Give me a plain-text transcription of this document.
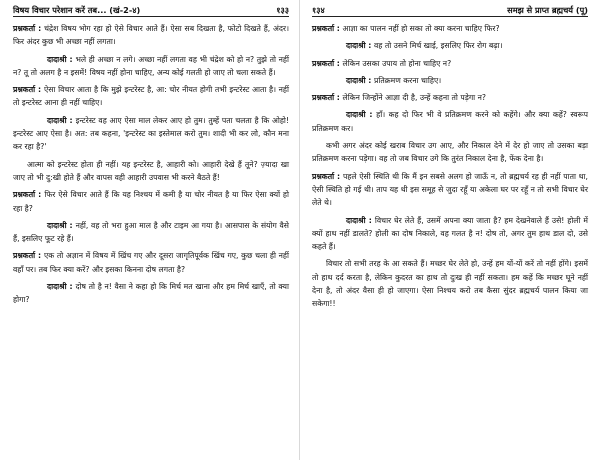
विषय विचार परेशान करें तब... (खं-2-४)	१३३

प्रश्नकर्ता : चंद्रेश विषय भोग रहा हो ऐसे विचार आते हैं। ऐसा सब दिखता है, फोटो दिखते हैं, अंदर। फिर अंदर कुछ भी अच्छा नहीं लगता।

दादाश्री : भले ही अच्छा न लगे। अच्छा नहीं लगता वह भी चंद्रेश को हो न? तुझे तो नहीं न? तू तो अलग है न इसमें! विषय नहीं होना चाहिए, अन्य कोई गलती हो जाए तो चला सकते हैं।

प्रश्नकर्ता : ऐसा विचार आता है कि मुझे इन्टरेस्ट है, आ: चोर नीयत होगी तभी इन्टरेस्ट आता है। नहीं तो इन्टरेस्ट आना ही नहीं चाहिए।

दादाश्री : इन्टरेस्ट वह आए ऐसा माल लेकर आए हो तुम। तुम्हें पता चलता है कि ओहो! इन्टरेस्ट आए ऐसा है। अत: तब कहना, 'इन्टरेस्ट का इस्तेमाल करो तुम। शादी भी कर लो, कौन मना कर रहा है?'

आत्मा को इन्टरेस्ट होता ही नहीं। यह इन्टरेस्ट है, आहारी को। आहारी देखे हैं तूने? ज़्यादा खा जाए तो भी दु:खी होते हैं और वापस वही आहारी उपवास भी करने बैठते हैं!

प्रश्नकर्ता : फिर ऐसे विचार आते हैं कि यह निश्चय में कमी है या चोर नीयत है या फिर ऐसा क्यों हो रहा है?

दादाश्री : नहीं, वह तो भरा हुआ माल है और टाइम आ गया है। आसपास के संयोग वैसे हैं, इसलिए फूट रहे हैं।

प्रश्नकर्ता : एक तो अज्ञान में विषय में खिंच गए और दूसरा जागृतिपूर्वक खिंच गए, कुछ चला ही नहीं वहाँ पर। तब फिर क्या करें? और इसका किनना दोष लगता है?

दादाश्री : दोष तो है न! वैसा ने कहा हो कि मिर्च मत खाना और हम मिर्च खाएँ, तो क्या होगा?

१३४	समझ से प्राप्त ब्रह्मचर्य (पू)

प्रश्नकर्ता : आज्ञा का पालन नहीं हो सका तो क्या करना चाहिए फिर?

दादाश्री : वह तो उसने मिर्च खाई, इसलिए फिर रोग बढ़ा।

प्रश्नकर्ता : लेकिन उसका उपाय तो होना चाहिए न?

दादाश्री : प्रतिक्रमण करना चाहिए।

प्रश्नकर्ता : लेकिन जिन्होंने आज्ञा दी है, उन्हें कहना तो पड़ेगा न?

दादाश्री : हाँ। कह दो फिर भी वे प्रतिक्रमण करने को कहेंगे। और क्या कहें? स्वरूप प्रतिक्रमण कर।

कभी अगर अंदर कोई खराब विचार उग आए, और निकाल देने में देर हो जाए तो उसका बड़ा प्रतिक्रमण करना पड़ेगा। वह तो जब विचार उगे कि तुरंत निकाल देना है, फेंक देना है।

प्रश्नकर्ता : पहले ऐसी स्थिति थी कि मैं इन सबसे अलग हो जाऊँ न, तो ब्रह्मचर्य रह ही नहीं पाता था, ऐसी स्थिति हो गई थी। ताप यह थी इस समूह से जुदा रहूँ या अकेला घर पर रहूँ न तो सभी विचार घेर लेते थे।

दादाश्री : विचार घेर लेते हैं, उसमें अपना क्या जाता है? हम देखनेवाले हैं उसे! होली में क्यों हाथ नहीं डालते? होली का दोष निकाले, वह गलत है न! दोष तो, अगर तुम हाथ डाल दो, उसे कहते हैं।

विचार तो सभी तरह के आ सकते हैं। मच्छर घेर लेते हो, उन्हें हम यों-यों करें तो नहीं होंगे। इसमें तो हाथ दर्द करता है, लेकिन कुदरत का हाथ तो दुःख ही नहीं सकता। हम कहें कि मच्छर घूने नहीं देना है, तो अंदर वैसा ही हो जाएगा। ऐसा निश्चय करो तब कैसा सुंदर ब्रह्मचर्य पालन किया जा सकेगा!!
